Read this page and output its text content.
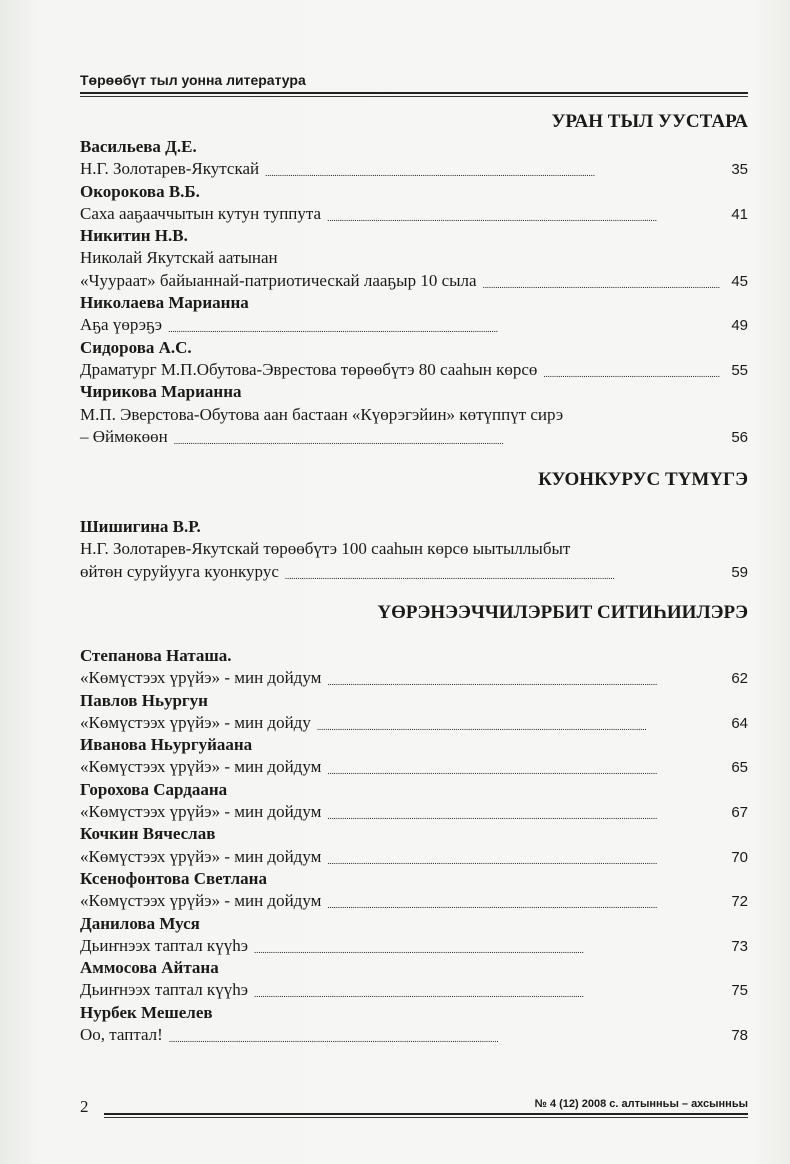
Төрөөбүт тыл уонна литература
УРАН ТЫЛ УУСТАРА
Васильева Д.Е.
Н.Г. Золотарев-Якутскай . . .	35
Окорокова В.Б.
Саха ааҕааччытын кутун туппута . . .	41
Никитин Н.В.
Николай Якутскай аатынан
«Чуураат» байыаннай-патриотическай лааҕыр 10 сыла . . .	45
Николаева Марианна
Аҕа үөрэҕэ . . .	49
Сидорова А.С.
Драматург М.П.Обутова-Эврестова төрөөбүтэ 80 сааһын көрсө . . .	55
Чирикова Марианна
М.П. Эверстова-Обутова аан бастаан «Күөрэгэйин» көтүппүт сирэ
– Өймөкөөн . . .	56
КУОНКУРУС ТҮМҮГЭ
Шишигина В.Р.
Н.Г. Золотарев-Якутскай төрөөбүтэ 100 сааһын көрсө ыытыллыбыт
өйтөн суруйууга куонкурус . . .	59
ҮӨРЭНЭЭЧЧИЛЭРБИТ СИТИҺИИЛЭРЭ
Степанова Наташа.
«Көмүстээх үрүйэ» - мин дойдум . . .	62
Павлов Ньургун
«Көмүстээх үрүйэ» - мин дойду . . .	64
Иванова Ньургуйаана
«Көмүстээх үрүйэ» - мин дойдум . . .	65
Горохова Сардаана
«Көмүстээх үрүйэ» - мин дойдум . . .	67
Кочкин Вячеслав
«Көмүстээх үрүйэ» - мин дойдум . . .	70
Ксенофонтова Светлана
«Көмүстээх үрүйэ» - мин дойдум . . .	72
Данилова Муся
Дьиҥнээх таптал күүһэ . . .	73
Аммосова Айтана
Дьиҥнээх таптал күүһэ . . .	75
Нурбек Мешелев
Оо, таптал! . . .	78
2	№ 4 (12) 2008 с. алтынньы – ахсынньы
